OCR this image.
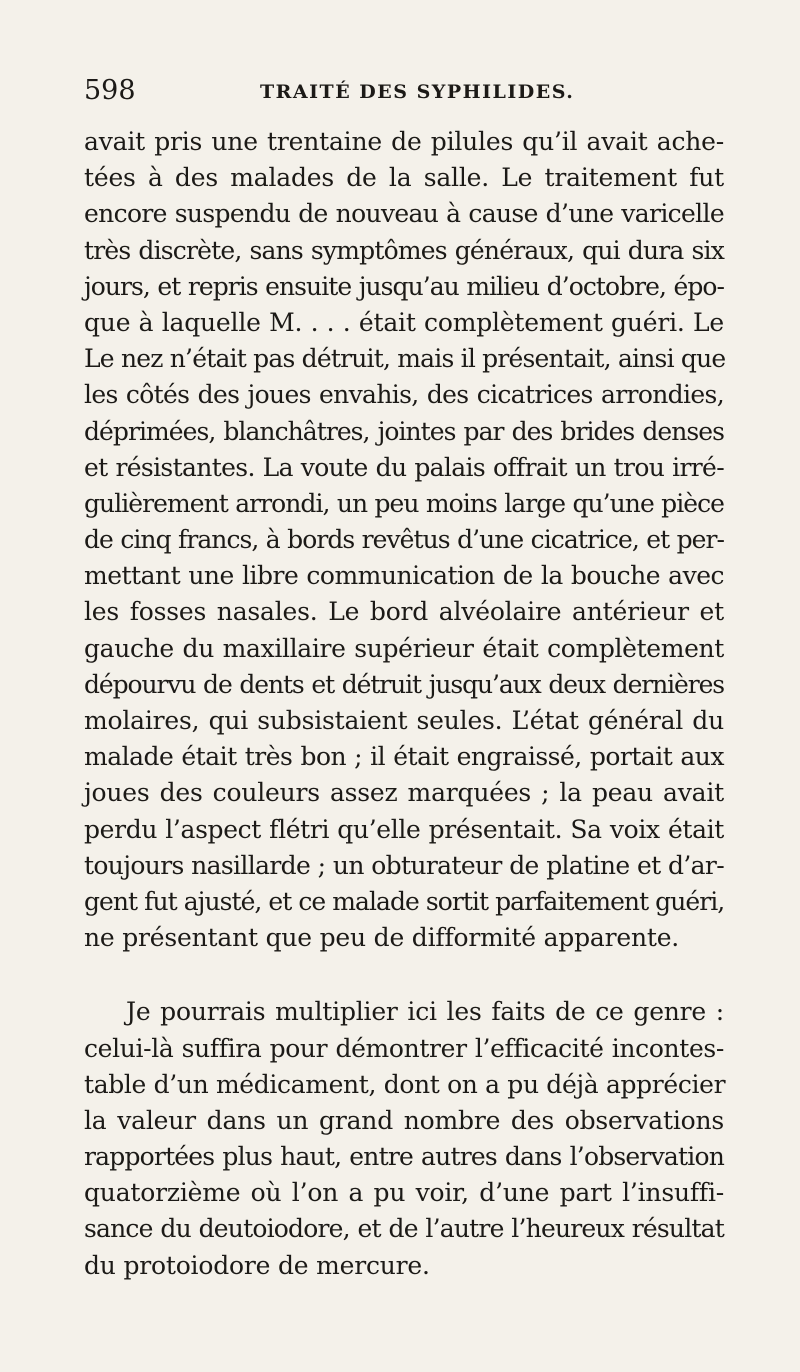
598	TRAITÉ DES SYPHILIDES.
avait pris une trentaine de pilules qu’il avait ache-
tées à des malades de la salle. Le traitement fut
encore suspendu de nouveau à cause d’une varicelle
très discrète, sans symptômes généraux, qui dura six
jours, et repris ensuite jusqu’au milieu d’octobre, épo-
que à laquelle M. . . . était complètement guéri. Le
Le nez n’était pas détruit, mais il présentait, ainsi que
les côtés des joues envahis, des cicatrices arrondies,
déprimées, blanchâtres, jointes par des brides denses
et résistantes. La voute du palais offrait un trou irré-
gulièrement arrondi, un peu moins large qu’une pièce
de cinq francs, à bords revêtus d’une cicatrice, et per-
mettant une libre communication de la bouche avec
les fosses nasales. Le bord alvéolaire antérieur et
gauche du maxillaire supérieur était complètement
dépourvu de dents et détruit jusqu’aux deux dernières
molaires, qui subsistaient seules. L’état général du
malade était très bon ; il était engraissé, portait aux
joues des couleurs assez marquées ; la peau avait
perdu l’aspect flétri qu’elle présentait. Sa voix était
toujours nasillarde ; un obturateur de platine et d’ar-
gent fut ajusté, et ce malade sortit parfaitement guéri,
ne présentant que peu de difformité apparente.
Je pourrais multiplier ici les faits de ce genre :
celui-là suffira pour démontrer l’efficacité incontes-
table d’un médicament, dont on a pu déjà apprécier
la valeur dans un grand nombre des observations
rapportées plus haut, entre autres dans l’observation
quatorzième où l’on a pu voir, d’une part l’insuffi-
sance du deutoiodore, et de l’autre l’heureux résultat
du protoiodore de mercure.
